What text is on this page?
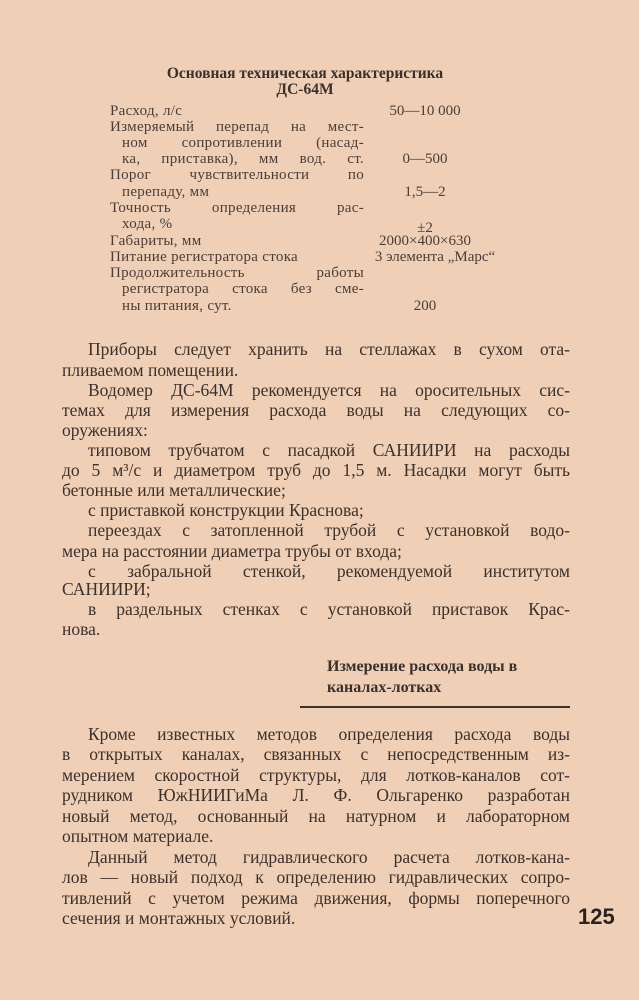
Основная техническая характеристика
ДС-64М
Расход, л/с	50—10 000
Измеряемый перепад на мест-
ном сопротивлении (насад-
ка, приставка), мм вод. ст.	0—500
Порог чувствительности по
перепаду, мм	1,5—2
Точность определения рас-
хода, %	±2
Габариты, мм	2000×400×630
Питание регистратора стока	3 элемента „Марс“
Продолжительность работы
регистратора стока без сме-
ны питания, сут.	200
Приборы следует хранить на стеллажах в сухом ота-
пливаемом помещении.
Водомер ДС-64М рекомендуется на оросительных сис-
темах для измерения расхода воды на следующих со-
оружениях:
типовом трубчатом с пасадкой САНИИРИ на расходы
до 5 м³/с и диаметром труб до 1,5 м. Насадки могут быть
бетонные или металлические;
с приставкой конструкции Краснова;
переездах с затопленной трубой с установкой водо-
мера на расстоянии диаметра трубы от входа;
с забральной стенкой, рекомендуемой институтом
САНИИРИ;
в раздельных стенках с установкой приставок Крас-
нова.
Измерение расхода воды в
каналах-лотках
Кроме известных методов определения расхода воды
в открытых каналах, связанных с непосредственным из-
мерением скоростной структуры, для лотков-каналов сот-
рудником ЮжНИИГиМа Л. Ф. Ольгаренко разработан
новый метод, основанный на натурном и лабораторном
опытном материале.
Данный метод гидравлического расчета лотков-кана-
лов — новый подход к определению гидравлических сопро-
тивлений с учетом режима движения, формы поперечного
сечения и монтажных условий.	125
